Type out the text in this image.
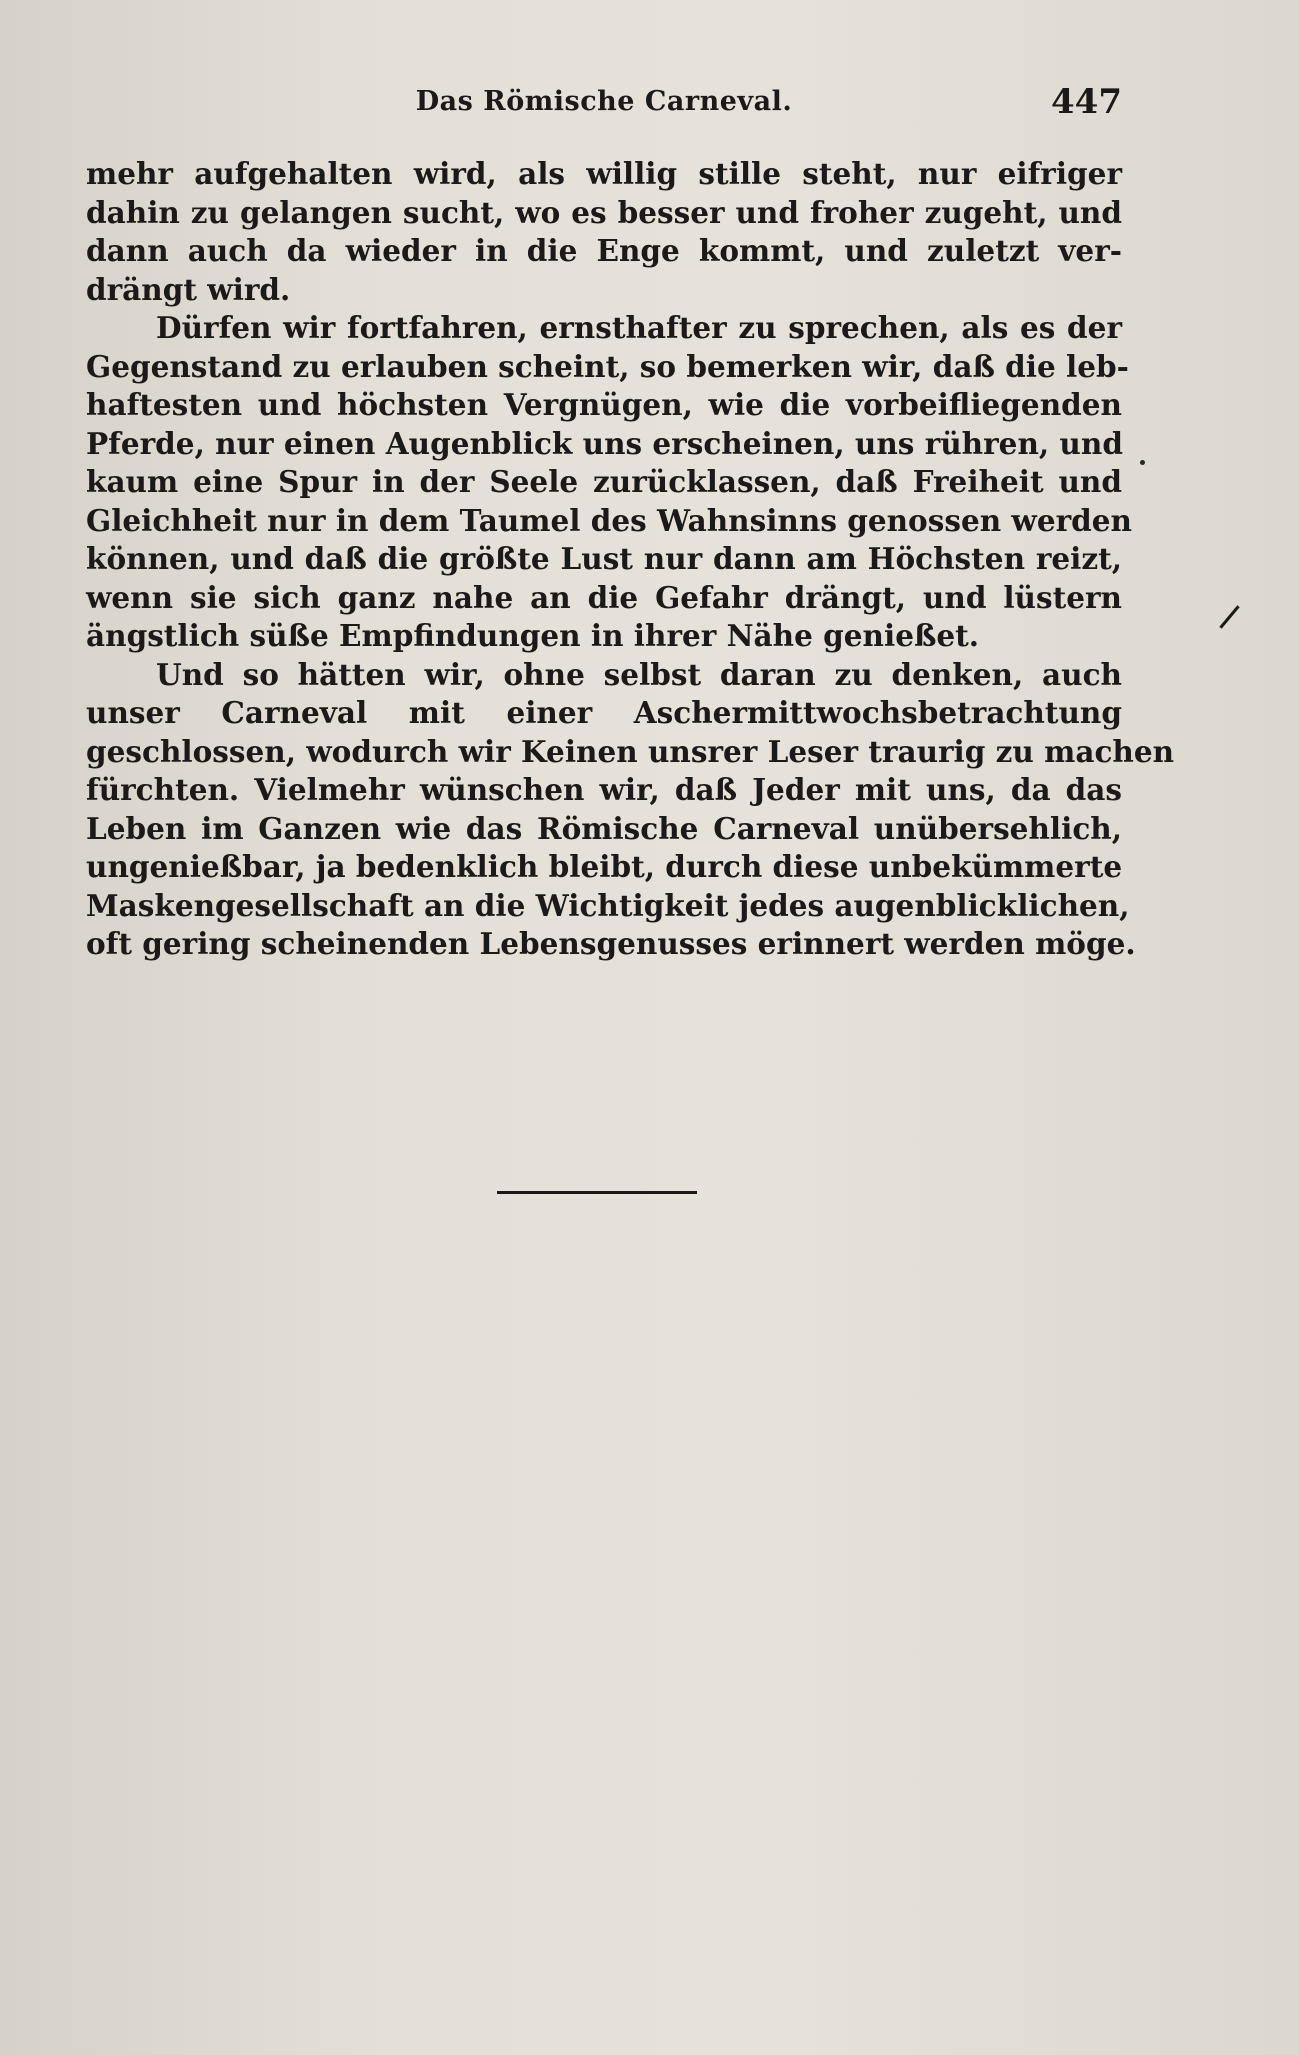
Das Römische Carneval.	447
mehr aufgehalten wird, als willig stille steht, nur eifriger
dahin zu gelangen sucht, wo es besser und froher zugeht, und
dann auch da wieder in die Enge kommt, und zuletzt ver-
drängt wird.
Dürfen wir fortfahren, ernsthafter zu sprechen, als es der
Gegenstand zu erlauben scheint, so bemerken wir, daß die leb-
haftesten und höchsten Vergnügen, wie die vorbeifliegenden
Pferde, nur einen Augenblick uns erscheinen, uns rühren, und
kaum eine Spur in der Seele zurücklassen, daß Freiheit und
Gleichheit nur in dem Taumel des Wahnsinns genossen werden
können, und daß die größte Lust nur dann am Höchsten reizt,
wenn sie sich ganz nahe an die Gefahr drängt, und lüstern
ängstlich süße Empfindungen in ihrer Nähe genießet.
Und so hätten wir, ohne selbst daran zu denken, auch
unser Carneval mit einer Aschermittwochsbetrachtung
geschlossen, wodurch wir Keinen unsrer Leser traurig zu machen
fürchten. Vielmehr wünschen wir, daß Jeder mit uns, da das
Leben im Ganzen wie das Römische Carneval unübersehlich,
ungenießbar, ja bedenklich bleibt, durch diese unbekümmerte
Maskengesellschaft an die Wichtigkeit jedes augenblicklichen,
oft gering scheinenden Lebensgenusses erinnert werden möge.
